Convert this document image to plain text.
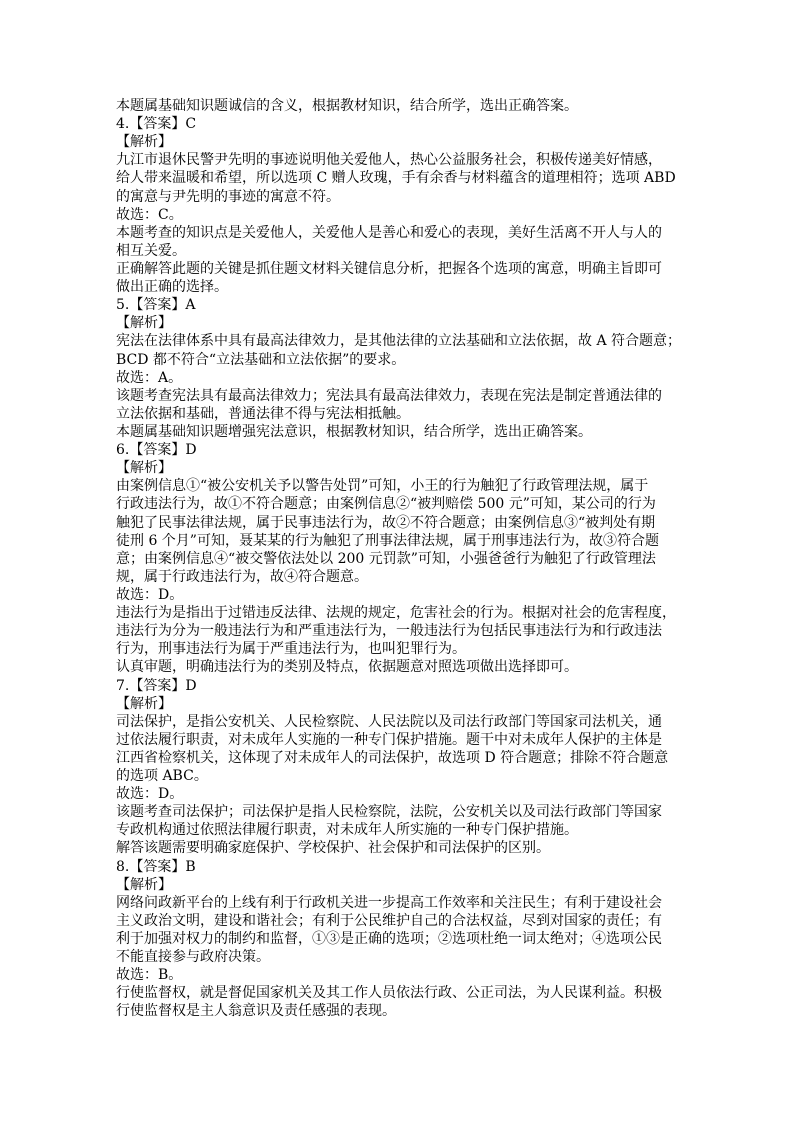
本题属基础知识题诚信的含义，根据教材知识，结合所学，选出正确答案。
4.【答案】C
【解析】
九江市退休民警尹先明的事迹说明他关爱他人，热心公益服务社会，积极传递美好情感，
给人带来温暖和希望，所以选项 C 赠人玫瑰，手有余香与材料蕴含的道理相符；选项 ABD
的寓意与尹先明的事迹的寓意不符。
故选：C。
本题考查的知识点是关爱他人，关爱他人是善心和爱心的表现，美好生活离不开人与人的
相互关爱。
正确解答此题的关键是抓住题文材料关键信息分析，把握各个选项的寓意，明确主旨即可
做出正确的选择。
5.【答案】A
【解析】
宪法在法律体系中具有最高法律效力，是其他法律的立法基础和立法依据，故 A 符合题意；
BCD 都不符合“立法基础和立法依据”的要求。
故选：A。
该题考查宪法具有最高法律效力；宪法具有最高法律效力，表现在宪法是制定普通法律的
立法依据和基础，普通法律不得与宪法相抵触。
本题属基础知识题增强宪法意识，根据教材知识，结合所学，选出正确答案。
6.【答案】D
【解析】
由案例信息①“被公安机关予以警告处罚”可知，小王的行为触犯了行政管理法规，属于
行政违法行为，故①不符合题意；由案例信息②“被判赔偿 500 元”可知，某公司的行为
触犯了民事法律法规，属于民事违法行为，故②不符合题意；由案例信息③“被判处有期
徒刑 6 个月”可知，聂某某的行为触犯了刑事法律法规，属于刑事违法行为，故③符合题
意；由案例信息④“被交警依法处以 200 元罚款”可知，小强爸爸行为触犯了行政管理法
规，属于行政违法行为，故④符合题意。
故选：D。
违法行为是指出于过错违反法律、法规的规定，危害社会的行为。根据对社会的危害程度，
违法行为分为一般违法行为和严重违法行为，一般违法行为包括民事违法行为和行政违法
行为，刑事违法行为属于严重违法行为，也叫犯罪行为。
认真审题，明确违法行为的类别及特点，依据题意对照选项做出选择即可。
7.【答案】D
【解析】
司法保护，是指公安机关、人民检察院、人民法院以及司法行政部门等国家司法机关，通
过依法履行职责，对未成年人实施的一种专门保护措施。题干中对未成年人保护的主体是
江西省检察机关，这体现了对未成年人的司法保护，故选项 D 符合题意；排除不符合题意
的选项 ABC。
故选：D。
该题考查司法保护；司法保护是指人民检察院，法院，公安机关以及司法行政部门等国家
专政机构通过依照法律履行职责，对未成年人所实施的一种专门保护措施。
解答该题需要明确家庭保护、学校保护、社会保护和司法保护的区别。
8.【答案】B
【解析】
网络问政新平台的上线有利于行政机关进一步提高工作效率和关注民生；有利于建设社会
主义政治文明，建设和谐社会；有利于公民维护自己的合法权益，尽到对国家的责任；有
利于加强对权力的制约和监督，①③是正确的选项；②选项杜绝一词太绝对；④选项公民
不能直接参与政府决策。
故选：B。
行使监督权，就是督促国家机关及其工作人员依法行政、公正司法，为人民谋利益。积极
行使监督权是主人翁意识及责任感强的表现。
